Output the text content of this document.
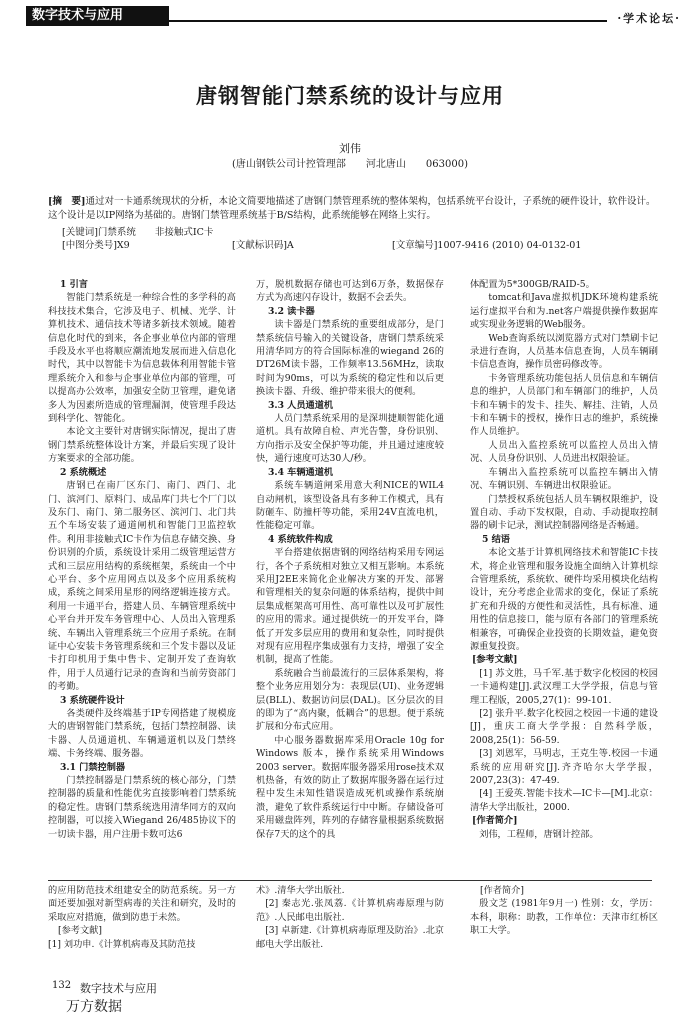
数字技术与应用	·学术论坛·
唐钢智能门禁系统的设计与应用
刘伟
(唐山钢铁公司计控管理部　　河北唐山　　063000)
[摘　要]通过对一卡通系统现状的分析，本论文简要地描述了唐钢门禁管理系统的整体架构，包括系统平台设计，子系统的硬件设计，软件设计。这个设计是以IP网络为基础的。唐钢门禁管理系统基于B/S结构，此系统能够在网络上实行。
[关键词]门禁系统　　非接触式IC卡
[中图分类号]X9	[文献标识码]A	[文章编号]1007-9416 (2010) 04-0132-01

1 引言

智能门禁系统是一种综合性的多学科的高科技技术集合，它涉及电子、机械、光学、计算机技术、通信技术等诸多新技术领域。随着信息化时代的到来，各企事业单位内部的管理手段及水平也将顺应潮流地发展而进入信息化时代，其中以智能卡为信息载体利用智能卡管理系统介入和参与企事业单位内部的管理，可以提高办公效率，加强安全防卫管理，避免诸多人为因素所造成的管理漏洞，使管理手段达到科学化、智能化。

本论文主要针对唐钢实际情况，提出了唐钢门禁系统整体设计方案，并最后实现了设计方案要求的全部功能。

2 系统概述

唐钢已在南厂区东门、南门、西门、北门、滨河门、原料门、成品库门共七个厂门以及东门、南门、第二服务区、滨河门、北门共五个车场安装了通道闸机和智能门卫监控软件。利用非接触式IC卡作为信息存储交换、身份识别的介质，系统设计采用二级管理运营方式和三层应用结构的系统框架，系统由一个中心平台、多个应用网点以及多个应用系统构成，系统之间采用星形的网络逻辑连接方式。利用一卡通平台，搭建人员、车辆管理系统中心平台并开发车务管理中心、人员出入管理系统、车辆出入管理系统三个应用子系统。在制证中心安装卡务管理系统和三个发卡器以及证卡打印机用于集中售卡、定制开发了查询软件，用于人员通行记录的查询和当前劳资部门的考勤。

3 系统硬件设计

各类硬件及终端基于IP专网搭建了规模庞大的唐钢智能门禁系统，包括门禁控制器、读卡器、人员通道机、车辆通道机以及门禁终端、卡务终端、服务器。

3.1 门禁控制器

门禁控制器是门禁系统的核心部分，门禁控制器的质量和性能优劣直接影响着门禁系统的稳定性。唐钢门禁系统选用清华同方的双向控制器，可以接入Wiegand 26/485协议下的一切读卡器，用户注册卡数可达6

万，脱机数据存储也可达到6万条，数据保存方式为高速闪存设计，数据不会丢失。

3.2 读卡器

读卡器是门禁系统的重要组成部分，是门禁系统信号输入的关键设备，唐钢门禁系统采用清华同方的符合国际标准的wiegand 26的DT26M读卡器，工作频率13.56MHz，读取时间为90ms，可以为系统的稳定性和以后更换读卡器、升级、维护带来很大的便利。

3.3 人员通道机

人员门禁系统采用的是深圳捷顺智能化通道机。具有故障自检、声光告警，身份识别、方向指示及安全保护等功能，并且通过速度较快，通行速度可达30人/秒。

3.4 车辆通道机

系统车辆道闸采用意大利NICE的WIL4自动闸机，该型设备具有多种工作模式，具有防砸车、防撞杆等功能，采用24V直流电机，性能稳定可靠。

4 系统软件构成

平台搭建依据唐钢的网络结构采用专网运行，各个子系统相对独立又相互影响。本系统采用J2EE来简化企业解决方案的开发、部署和管理相关的复杂问题的体系结构，提供中间层集成框架高可用性、高可靠性以及可扩展性的应用的需求。通过提供统一的开发平台，降低了开发多层应用的费用和复杂性，同时提供对现有应用程序集成强有力支持，增强了安全机制，提高了性能。

系统融合当前最流行的三层体系架构，将整个业务应用划分为：表现层(UI)、业务逻辑层(BLL)、数据访问层(DAL)。区分层次的目的即为了“高内聚，低耦合”的思想。便于系统扩展和分布式应用。

中心服务器数据库采用Oracle 10g for Windows 版本，操作系统采用Windows 2003 server。数据库服务器采用rose技术双机热备，有效的防止了数据库服务器在运行过程中发生未知性错误造成死机或操作系统崩溃，避免了软件系统运行中中断。存储设备可采用磁盘阵列，阵列的存储容量根据系统数据保存7天的这个的具

体配置为5*300GB/RAID-5。

tomcat和Java虚拟机JDK环境构建系统运行虚拟平台和为.net客户端提供操作数据库或实现业务逻辑的Web服务。

Web查询系统以浏览器方式对门禁刷卡记录进行查询，人员基本信息查询，人员车辆刷卡信息查询，操作员密码修改等。

卡务管理系统功能包括人员信息和车辆信息的维护，人员部门和车辆部门的维护，人员卡和车辆卡的发卡、挂失、解挂、注销，人员卡和车辆卡的授权，操作日志的维护，系统操作人员维护。

人员出入监控系统可以监控人员出入情况、人员身份识别、人员进出权限验证。

车辆出入监控系统可以监控车辆出入情况、车辆识别、车辆进出权限验证。

门禁授权系统包括人员车辆权限维护，设置自动、手动下发权限，自动、手动提取控制器的刷卡记录，测试控制器网络是否畅通。

5 结语

本论文基于计算机网络技术和智能IC卡技术，将企业管理和服务设施全面纳入计算机综合管理系统，系统软、硬件均采用模块化结构设计，充分考虑企业需求的变化，保证了系统扩充和升级的方便性和灵活性，具有标准、通用性的信息接口，能与原有各部门的管理系统相兼容，可确保企业投资的长期效益，避免资源重复投资。

[参考文献]

[1] 苏文胜，马千军.基于数字化校园的校园一卡通构建[J].武汉理工大学学报，信息与管理工程版，2005,27(1)：99-101.

[2] 张升平.数字化校园之校园一卡通的建设[J]，重庆工商大学学报：自然科学版，2008,25(1)：56-59.

[3] 刘恩军，马明志，王克生等.校园一卡通系统的应用研究[J].齐齐哈尔大学学报，2007,23(3)：47-49.

[4] 王爱英.智能卡技术—IC卡—[M].北京：清华大学出版社，2000.

[作者简介]

刘伟，工程师，唐钢计控部。

的应用防范技术组建安全的防范系统。另一方面还要加强对新型病毒的关注和研究，及时的采取应对措施，做到防患于未然。

[参考文献]

[1] 刘功申.《计算机病毒及其防范技

术》.清华大学出版社.

[2] 秦志光.张凤荔.《计算机病毒原理与防范》.人民邮电出版社.

[3] 卓新建.《计算机病毒原理及防治》.北京邮电大学出版社.

[作者简介]

殷文芝 (1981年9月一) 性别：女，学历：本科，职称：助教，工作单位：天津市红桥区职工大学。

132 数字技术与应用
万方数据
